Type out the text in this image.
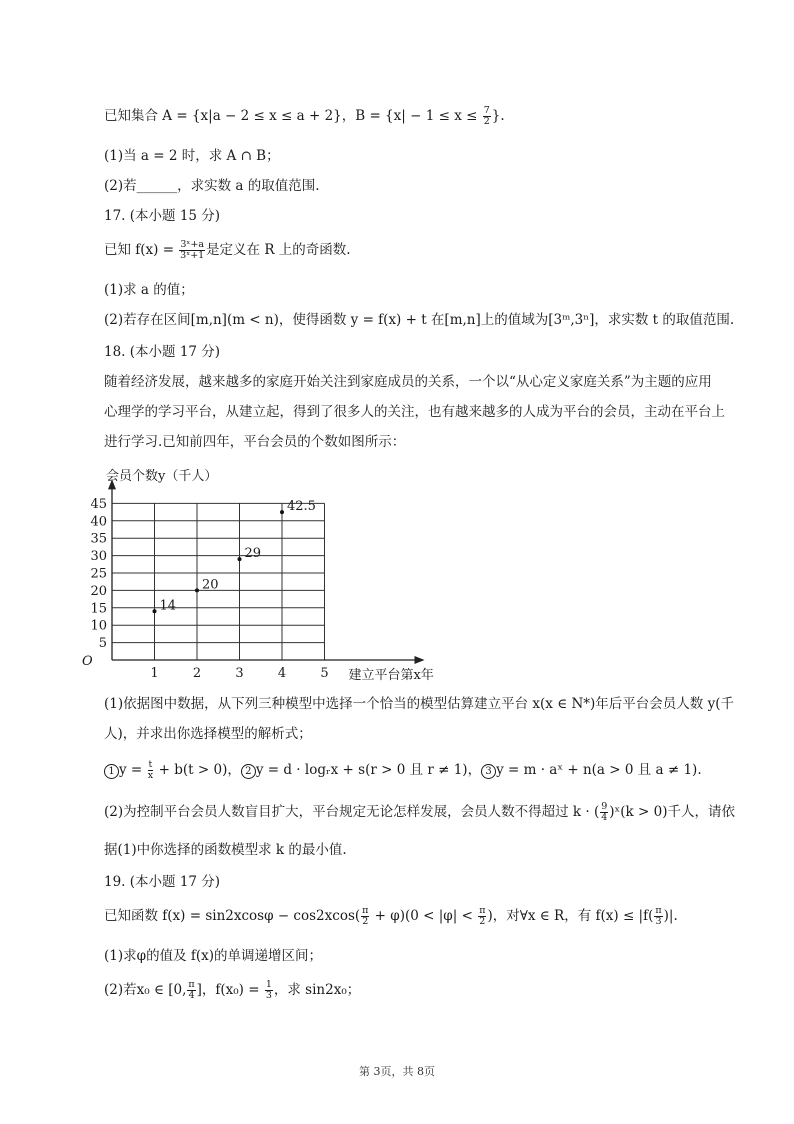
已知集合 A = {x|a − 2 ≤ x ≤ a + 2}，$B = \{x| - 1 \le x \le \frac{7}{2}$ }.
(1)当 a = 2 时，求 A ∩ B；
(2)若______，求实数 a 的取值范围.
17. (本小题 15 分)
已知 $f(x) = \frac{\text{3ˣ+a}}{\text{3ˣ+1}}$ 是定义在 R 上的奇函数.
(1)求 a 的值；
(2)若存在区间[m,n](m < n)，使得函数 y = f(x) + t 在[m,n]上的值域为[3ᵐ,3ⁿ]，求实数 t 的取值范围.
18. (本小题 17 分)
随着经济发展，越来越多的家庭开始关注到家庭成员的关系，一个以“从心定义家庭关系”为主题的应用
心理学的学习平台，从建立起，得到了很多人的关注，也有越来越多的人成为平台的会员，主动在平台上
进行学习.已知前四年，平台会员的个数如图所示：
5
10
15
20
25
30
35
40
45
1	2	3	4	5
14
20
29
42.5
会员个数y（千人）
建立平台第x年
O
(1)依据图中数据，从下列三种模型中选择一个恰当的模型估算建立平台 x(x ∈ N*)年后平台会员人数 y(千
人)，并求出你选择模型的解析式；
1 $y = \frac{t}{x} + b(t > 0)$， 2 y = d · logᵣx + s(r > 0 且 r ≠ 1)， 3 y = m · aˣ + n(a > 0 且 a ≠ 1).
(2)为控制平台会员人数盲目扩大，平台规定无论怎样发展，会员人数不得超过 k · ( $\frac{9}{4}$ )ˣ(k > 0)千人，请依
据(1)中你选择的函数模型求 k 的最小值.
19. (本小题 17 分)
已知函数 $f(x) = \sin 2xcos\varphi - \cos 2xcos( \frac{\pi}{2} + \varphi)(0 < |\varphi| < \frac{\pi}{2}$ )，对∀x ∈ R，有 $f(x) \le |f( \frac{\pi}{3}$ )|.
(1)求φ的值及 f(x)的单调递增区间；
(2)若x₀ ∈ [0, $\frac{\pi}{4}$ ]，$f(x_0) = \frac{1}{3}$ ，求 sin2x₀；
第 3页，共 8页
